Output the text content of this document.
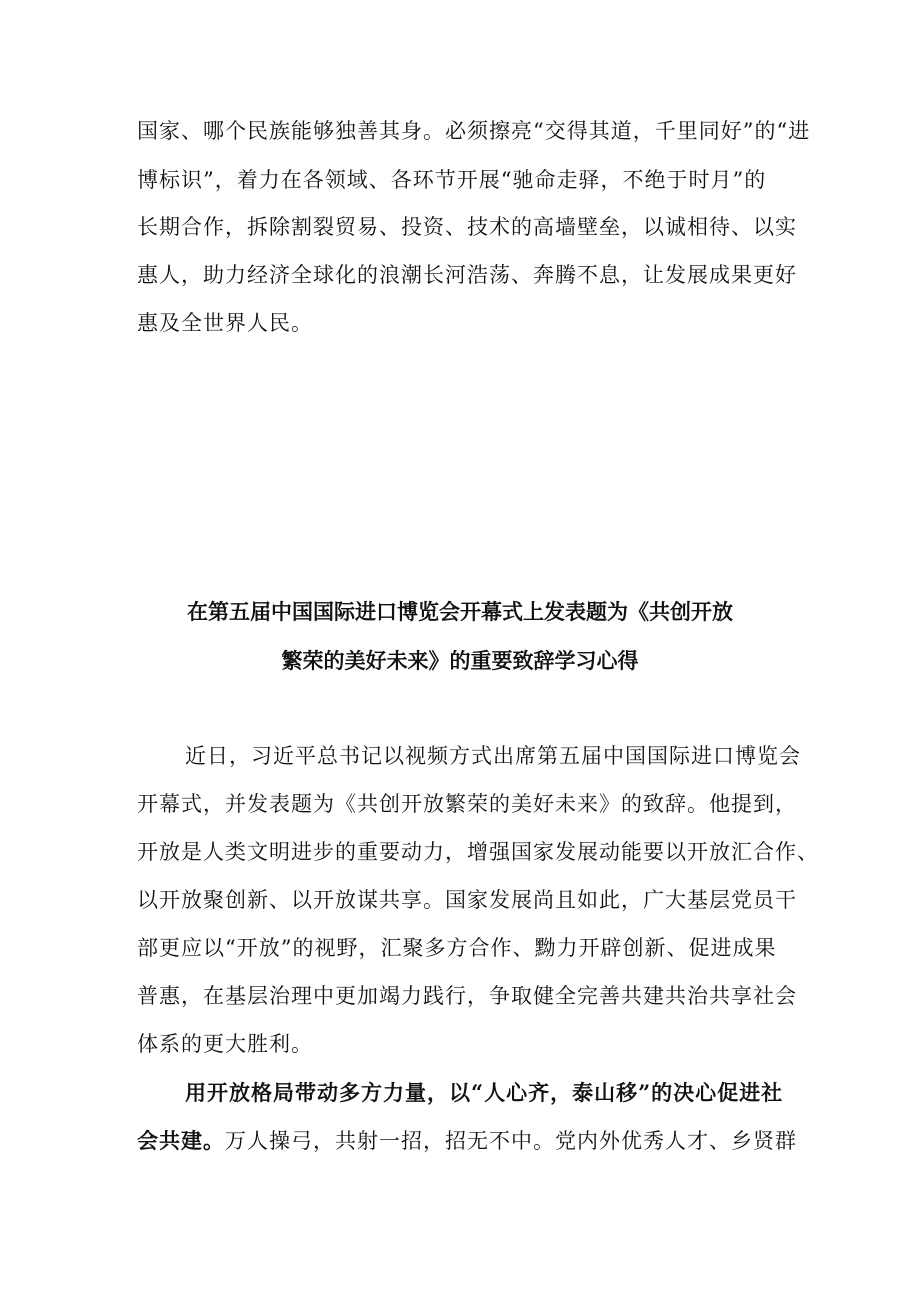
国家、哪个民族能够独善其身。必须擦亮“交得其道，千里同好”的“进
博标识”，着力在各领域、各环节开展“驰命走驿，不绝于时月”的
长期合作，拆除割裂贸易、投资、技术的高墙壁垒，以诚相待、以实
惠人，助力经济全球化的浪潮长河浩荡、奔腾不息，让发展成果更好
惠及全世界人民。
在第五届中国国际进口博览会开幕式上发表题为《共创开放
繁荣的美好未来》的重要致辞学习心得
近日，习近平总书记以视频方式出席第五届中国国际进口博览会
开幕式，并发表题为《共创开放繁荣的美好未来》的致辞。他提到，
开放是人类文明进步的重要动力，增强国家发展动能要以开放汇合作、
以开放聚创新、以开放谋共享。国家发展尚且如此，广大基层党员干
部更应以“开放”的视野，汇聚多方合作、黝力开辟创新、促进成果
普惠，在基层治理中更加竭力践行，争取健全完善共建共治共享社会
体系的更大胜利。
用开放格局带动多方力量，以“人心齐，泰山移”的决心促进社
会共建。万人操弓，共射一招，招无不中。党内外优秀人才、乡贤群
